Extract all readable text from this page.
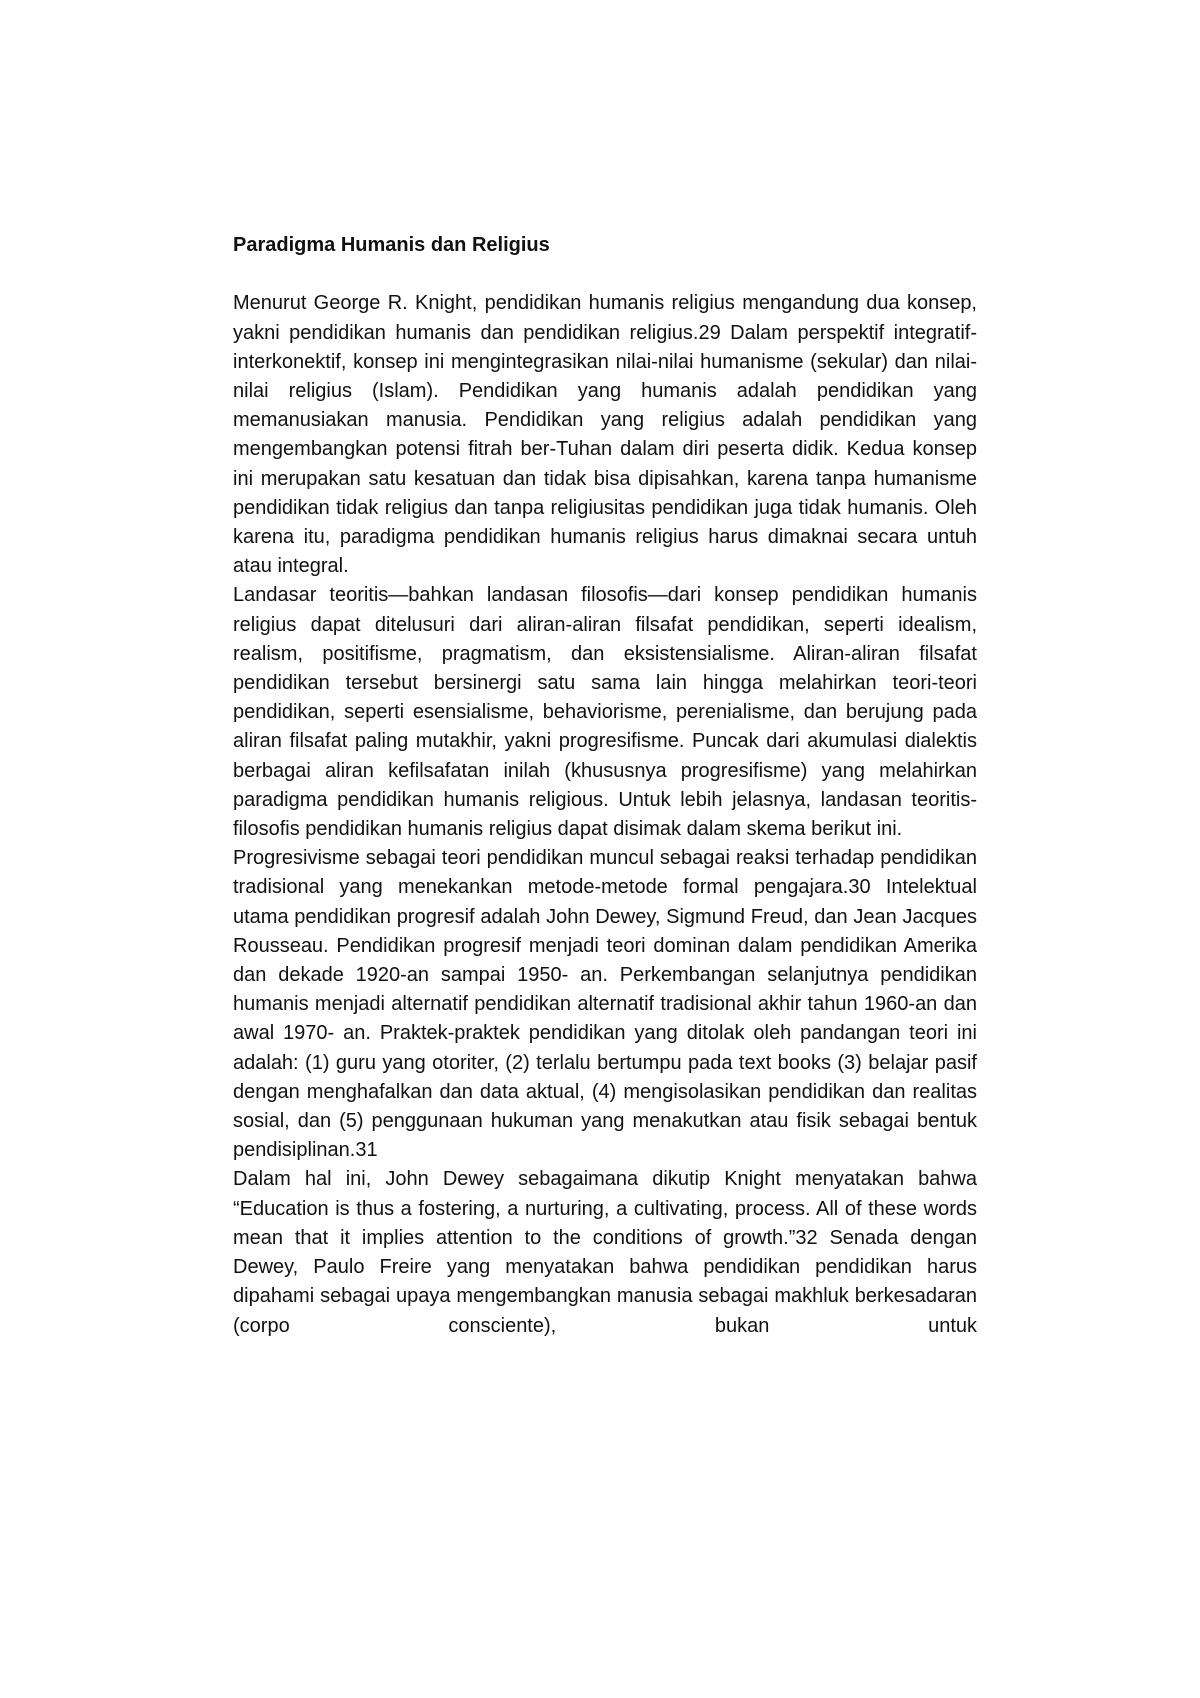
Paradigma Humanis dan Religius

Menurut George R. Knight, pendidikan humanis religius mengandung dua konsep, yakni pendidikan humanis dan pendidikan religius.29 Dalam perspektif integratif-interkonektif, konsep ini mengintegrasikan nilai-nilai humanisme (sekular) dan nilai-nilai religius (Islam). Pendidikan yang humanis adalah pendidikan yang memanusiakan manusia. Pendidikan yang religius adalah pendidikan yang mengembangkan potensi fitrah ber-Tuhan dalam diri peserta didik. Kedua konsep ini merupakan satu kesatuan dan tidak bisa dipisahkan, karena tanpa humanisme pendidikan tidak religius dan tanpa religiusitas pendidikan juga tidak humanis. Oleh karena itu, paradigma pendidikan humanis religius harus dimaknai secara untuh atau integral.

Landasar teoritis—bahkan landasan filosofis—dari konsep pendidikan humanis religius dapat ditelusuri dari aliran-aliran filsafat pendidikan, seperti idealism, realism, positifisme, pragmatism, dan eksistensialisme. Aliran-aliran filsafat pendidikan tersebut bersinergi satu sama lain hingga melahirkan teori-teori pendidikan, seperti esensialisme, behaviorisme, perenialisme, dan berujung pada aliran filsafat paling mutakhir, yakni progresifisme. Puncak dari akumulasi dialektis berbagai aliran kefilsafatan inilah (khususnya progresifisme) yang melahirkan paradigma pendidikan humanis religious. Untuk lebih jelasnya, landasan teoritis-filosofis pendidikan humanis religius dapat disimak dalam skema berikut ini.

Progresivisme sebagai teori pendidikan muncul sebagai reaksi terhadap pendidikan tradisional yang menekankan metode-metode formal pengajara.30 Intelektual utama pendidikan progresif adalah John Dewey, Sigmund Freud, dan Jean Jacques Rousseau. Pendidikan progresif menjadi teori dominan dalam pendidikan Amerika dan dekade 1920-an sampai 1950- an. Perkembangan selanjutnya pendidikan humanis menjadi alternatif pendidikan alternatif tradisional akhir tahun 1960-an dan awal 1970- an. Praktek-praktek pendidikan yang ditolak oleh pandangan teori ini adalah: (1) guru yang otoriter, (2) terlalu bertumpu pada text books (3) belajar pasif dengan menghafalkan dan data aktual, (4) mengisolasikan pendidikan dan realitas sosial, dan (5) penggunaan hukuman yang menakutkan atau fisik sebagai bentuk pendisiplinan.31

Dalam hal ini, John Dewey sebagaimana dikutip Knight menyatakan bahwa “Education is thus a fostering, a nurturing, a cultivating, process. All of these words mean that it implies attention to the conditions of growth.”32 Senada dengan Dewey, Paulo Freire yang menyatakan bahwa pendidikan pendidikan harus dipahami sebagai upaya mengembangkan manusia sebagai makhluk berkesadaran (corpo consciente), bukan untuk
